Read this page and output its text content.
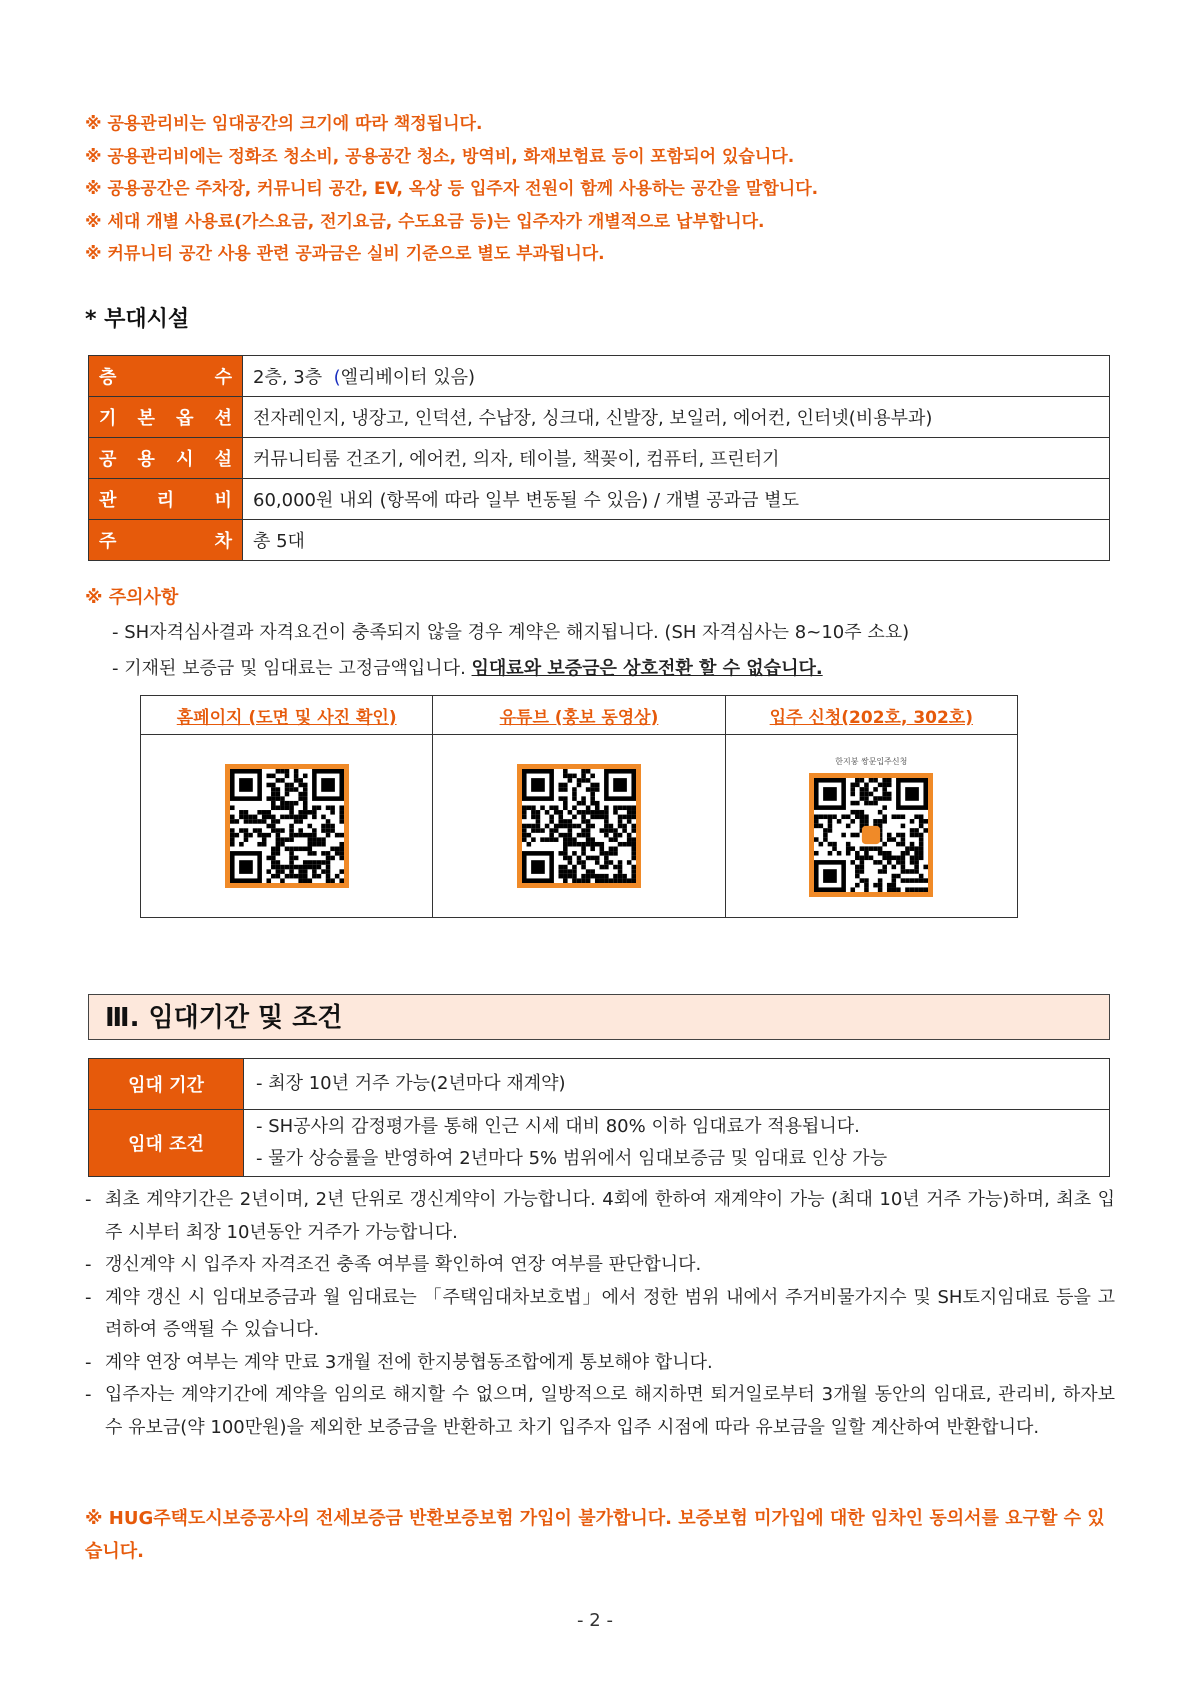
※ 공용관리비는 임대공간의 크기에 따라 책정됩니다.
※ 공용관리비에는 정화조 청소비, 공용공간 청소, 방역비, 화재보험료 등이 포함되어 있습니다.
※ 공용공간은 주차장, 커뮤니티 공간, EV, 옥상 등 입주자 전원이 함께 사용하는 공간을 말합니다.
※ 세대 개별 사용료(가스요금, 전기요금, 수도요금 등)는 입주자가 개별적으로 납부합니다.
※ 커뮤니티 공간 사용 관련 공과금은 실비 기준으로 별도 부과됩니다.
* 부대시설
층 수	2층, 3층  (엘리베이터 있음)

기 본 옵 션	전자레인지, 냉장고, 인덕션, 수납장, 싱크대, 신발장, 보일러, 에어컨, 인터넷(비용부과)

공 용 시 설	커뮤니티룸 건조기, 에어컨, 의자, 테이블, 책꽂이, 컴퓨터, 프린터기

관 리 비	60,000원 내외 (항목에 따라 일부 변동될 수 있음) / 개별 공과금 별도

주 차	총 5대
※ 주의사항
- SH자격심사결과 자격요건이 충족되지 않을 경우 계약은 해지됩니다. (SH 자격심사는 8~10주 소요)
- 기재된 보증금 및 임대료는 고정금액입니다. 임대료와 보증금은 상호전환 할 수 없습니다.
홈페이지 (도면 및 사진 확인)	유튜브 (홍보 동영상)	입주 신청(202호, 302호)

한지붕 쌍문입주신청
Ⅲ. 임대기간 및 조건
임대 기간	- 최장 10년 거주 가능(2년마다 재계약)
임대 조건	- SH공사의 감정평가를 통해 인근 시세 대비 80% 이하 임대료가 적용됩니다.
- 물가 상승률을 반영하여 2년마다 5% 범위에서 임대보증금 및 임대료 인상 가능
- 최초 계약기간은 2년이며, 2년 단위로 갱신계약이 가능합니다. 4회에 한하여 재계약이 가능 (최대 10년 거주 가능)하며, 최초 입주 시부터 최장 10년동안 거주가 가능합니다.
- 갱신계약 시 입주자 자격조건 충족 여부를 확인하여 연장 여부를 판단합니다.
- 계약 갱신 시 임대보증금과 월 임대료는 「주택임대차보호법」에서 정한 범위 내에서 주거비물가지수 및 SH토지임대료 등을 고려하여 증액될 수 있습니다.
- 계약 연장 여부는 계약 만료 3개월 전에 한지붕협동조합에게 통보해야 합니다.
- 입주자는 계약기간에 계약을 임의로 해지할 수 없으며, 일방적으로 해지하면 퇴거일로부터 3개월 동안의 임대료, 관리비, 하자보수 유보금(약 100만원)을 제외한 보증금을 반환하고 차기 입주자 입주 시점에 따라 유보금을 일할 계산하여 반환합니다.
※ HUG주택도시보증공사의 전세보증금 반환보증보험 가입이 불가합니다. 보증보험 미가입에 대한 임차인 동의서를 요구할 수 있습니다.
- 2 -
